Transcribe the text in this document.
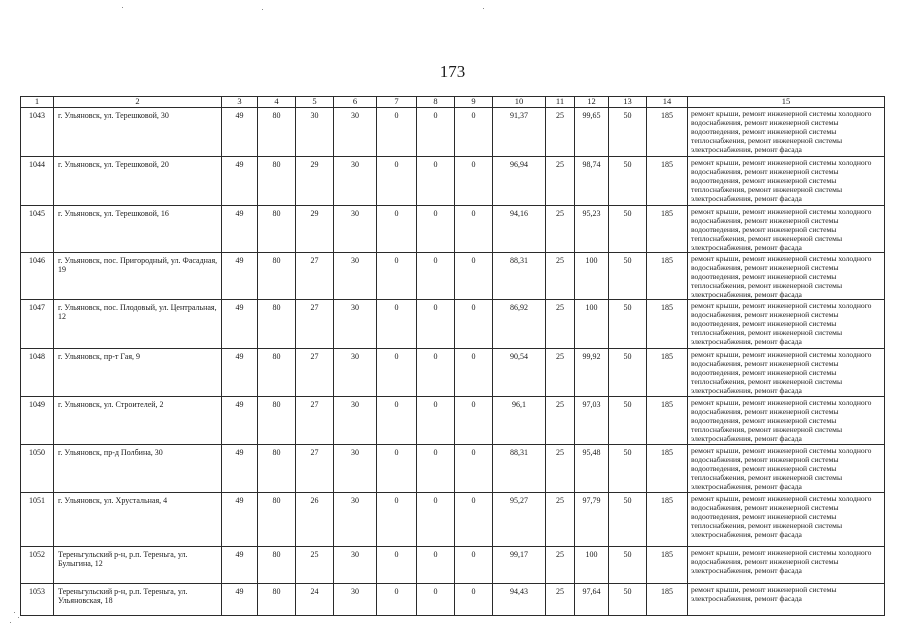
173
1	2	3	4	5	6	7	8	9	10	11	12	13	14	15
1043	г. Ульяновск, ул. Терешковой, 30	49	80	30	30	0	0	0	91,37	25	99,65	50	185	ремонт крыши, ремонт инженерной системы холодного водоснабжения, ремонт инженерной системы водоотведения, ремонт инженерной системы теплоснабжения, ремонт инженерной системы электроснабжения, ремонт фасада
1044	г. Ульяновск, ул. Терешковой, 20	49	80	29	30	0	0	0	96,94	25	98,74	50	185	ремонт крыши, ремонт инженерной системы холодного водоснабжения, ремонт инженерной системы водоотведения, ремонт инженерной системы теплоснабжения, ремонт инженерной системы электроснабжения, ремонт фасада
1045	г. Ульяновск, ул. Терешковой, 16	49	80	29	30	0	0	0	94,16	25	95,23	50	185	ремонт крыши, ремонт инженерной системы холодного водоснабжения, ремонт инженерной системы водоотведения, ремонт инженерной системы теплоснабжения, ремонт инженерной системы электроснабжения, ремонт фасада
1046	г. Ульяновск, пос. Пригородный, ул. Фасадная, 19	49	80	27	30	0	0	0	88,31	25	100	50	185	ремонт крыши, ремонт инженерной системы холодного водоснабжения, ремонт инженерной системы водоотведения, ремонт инженерной системы теплоснабжения, ремонт инженерной системы электроснабжения, ремонт фасада
1047	г. Ульяновск, пос. Плодовый, ул. Центральная, 12	49	80	27	30	0	0	0	86,92	25	100	50	185	ремонт крыши, ремонт инженерной системы холодного водоснабжения, ремонт инженерной системы водоотведения, ремонт инженерной системы теплоснабжения, ремонт инженерной системы электроснабжения, ремонт фасада
1048	г. Ульяновск, пр-т Гая, 9	49	80	27	30	0	0	0	90,54	25	99,92	50	185	ремонт крыши, ремонт инженерной системы холодного водоснабжения, ремонт инженерной системы водоотведения, ремонт инженерной системы теплоснабжения, ремонт инженерной системы электроснабжения, ремонт фасада
1049	г. Ульяновск, ул. Строителей, 2	49	80	27	30	0	0	0	96,1	25	97,03	50	185	ремонт крыши, ремонт инженерной системы холодного водоснабжения, ремонт инженерной системы водоотведения, ремонт инженерной системы теплоснабжения, ремонт инженерной системы электроснабжения, ремонт фасада
1050	г. Ульяновск, пр-д Полбина, 30	49	80	27	30	0	0	0	88,31	25	95,48	50	185	ремонт крыши, ремонт инженерной системы холодного водоснабжения, ремонт инженерной системы водоотведения, ремонт инженерной системы теплоснабжения, ремонт инженерной системы электроснабжения, ремонт фасада
1051	г. Ульяновск, ул. Хрустальная, 4	49	80	26	30	0	0	0	95,27	25	97,79	50	185	ремонт крыши, ремонт инженерной системы холодного водоснабжения, ремонт инженерной системы водоотведения, ремонт инженерной системы теплоснабжения, ремонт инженерной системы электроснабжения, ремонт фасада
1052	Тереньгульский р-н, р.п. Тереньга, ул. Булыгина, 12	49	80	25	30	0	0	0	99,17	25	100	50	185	ремонт крыши, ремонт инженерной системы холодного водоснабжения, ремонт инженерной системы электроснабжения, ремонт фасада
1053	Тереньгульский р-н, р.п. Тереньга, ул. Ульяновская, 18	49	80	24	30	0	0	0	94,43	25	97,64	50	185	ремонт крыши, ремонт инженерной системы электроснабжения, ремонт фасада
